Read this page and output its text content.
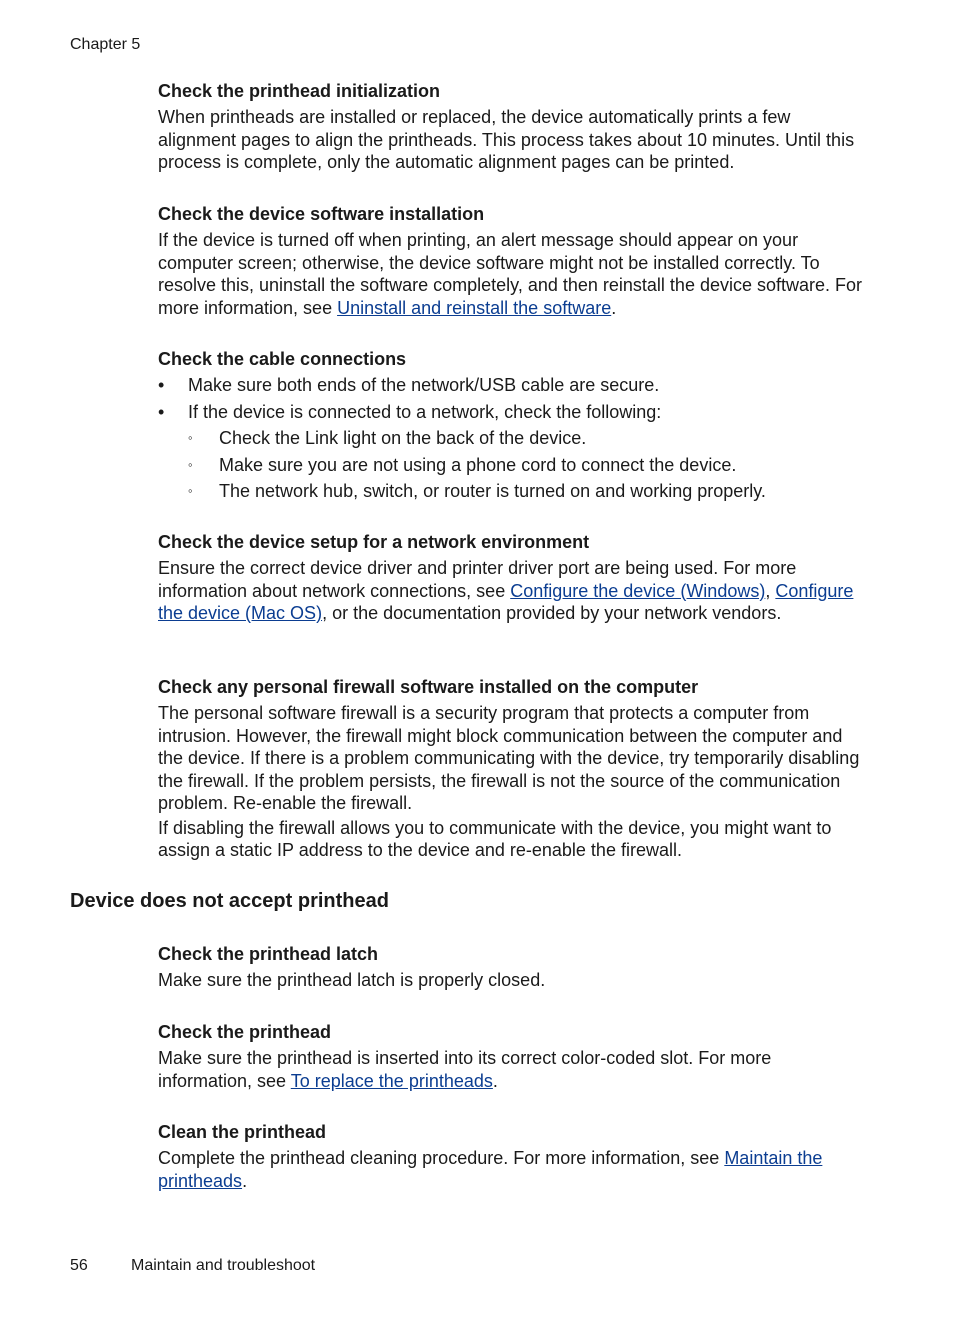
Chapter 5
Check the printhead initialization

When printheads are installed or replaced, the device automatically prints a few alignment pages to align the printheads. This process takes about 10 minutes. Until this process is complete, only the automatic alignment pages can be printed.

Check the device software installation

If the device is turned off when printing, an alert message should appear on your computer screen; otherwise, the device software might not be installed correctly. To resolve this, uninstall the software completely, and then reinstall the device software. For more information, see Uninstall and reinstall the software.

Check the cable connections
• Make sure both ends of the network/USB cable are secure.
• If the device is connected to a network, check the following:
◦ Check the Link light on the back of the device.
◦ Make sure you are not using a phone cord to connect the device.
◦ The network hub, switch, or router is turned on and working properly.
Check the device setup for a network environment

Ensure the correct device driver and printer driver port are being used. For more information about network connections, see Configure the device (Windows), Configure the device (Mac OS), or the documentation provided by your network vendors.

Check any personal firewall software installed on the computer

The personal software firewall is a security program that protects a computer from intrusion. However, the firewall might block communication between the computer and the device. If there is a problem communicating with the device, try temporarily disabling the firewall. If the problem persists, the firewall is not the source of the communication problem. Re-enable the firewall.

If disabling the firewall allows you to communicate with the device, you might want to assign a static IP address to the device and re-enable the firewall.

Check the printhead latch

Make sure the printhead latch is properly closed.

Check the printhead

Make sure the printhead is inserted into its correct color-coded slot. For more information, see To replace the printheads.

Clean the printhead

Complete the printhead cleaning procedure. For more information, see Maintain the printheads.

Device does not accept printhead
56	Maintain and troubleshoot
